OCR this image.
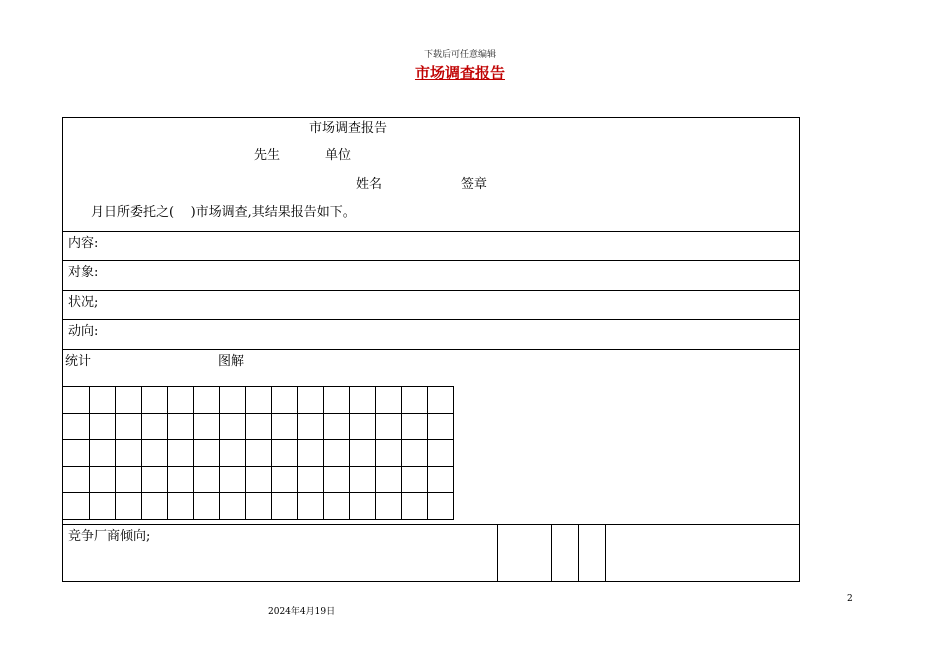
下载后可任意编辑
市场调查报告
市场调查报告
先生	单位
姓名	签章
月日所委托之(    )市场调查,其结果报告如下。
内容:
对象:
状况;
动向:
统计	图解
竞争厂商倾向;

2024年4月19日
2
